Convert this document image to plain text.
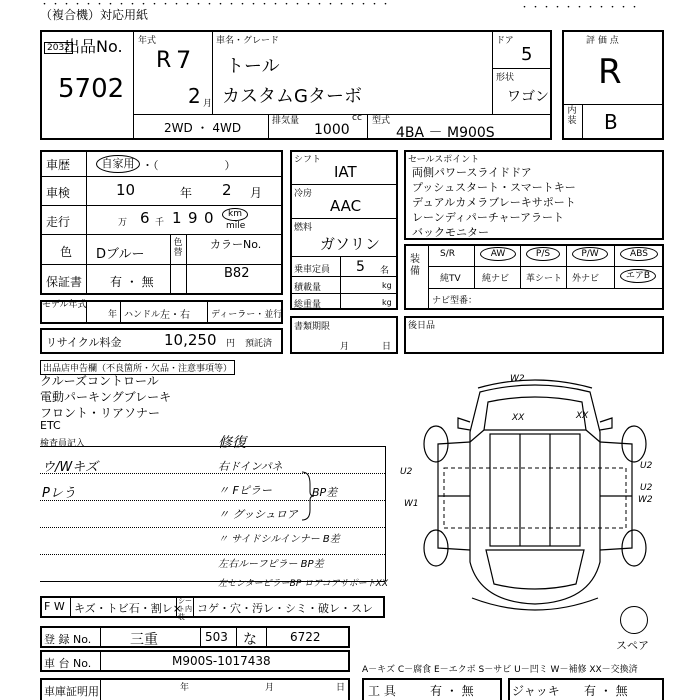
・・・・・・・・・・・・・・・・・・・・・・・・・・・・・・・・
（複合機）対応用紙	・・・・・・・・・・・
出品No.
2032
5702
年式
R 7
2 月
車名・グレード
トール
カスタムGターボ
ドア
5
形状
ワゴン
2WD ・ 4WD	排気量
1000
cc 型式
4BA － M900S
評 価 点
R
内装 B
車歴	自家用 ・（　　　　　　）
車検	10	年 2 月
走行	万 6 千 1 9 0	km
mile
色 Dブルー
色替
カラーNo.
B82
保証書 有 ・ 無
モデル年式
年 ハンドル 左・右 ディーラー・並行
リサイクル料金	10,250 円 預託済
シフト
IAT
冷房
AAC
燃料
ガソリン
乗車定員 5 名
積載量	kg
総重量	kg
書類期限
月	日
セールスポイント
両側パワースライドドア
プッシュスタート・スマートキー
デュアルカメラブレーキサポート
レーンディパーチャーアラート
バックモニター
装備
S/R	AW	P/S	P/W	ABS
純TV 純ナビ 革シート 外ナビ	エアB
ナビ型番：
後日品
出品店申告欄（不良箇所・欠品・注意事項等）
クルーズコントロール
電動パーキングブレーキ
フロント・リアソナー
ETC
検査員記入
ウ/Wキズ
Pレう
修復
右ドインパネ
〃 Fピラー
〃 グッシュロア
BP差
〃 サイドシルインナー B差
左右ルーフピラー BP差
左センターピラーBP ロアコアサポートXX
F W キズ・トビ石・割レ×
シート内装
コゲ・穴・汚レ・シミ・破レ・スレ
登 録 No.	三重	503 な	6722
車 台 No.	M900S-1017438
A－キズ C－腐食 E－エクボ S－サビ U－凹ミ W－補修 XX－交換済
スペア
車庫証明用	年	月	日 工 具	有 ・ 無	ジャッキ 有 ・ 無
W2
XX	XX
U2
U2
W1
U2
W2
